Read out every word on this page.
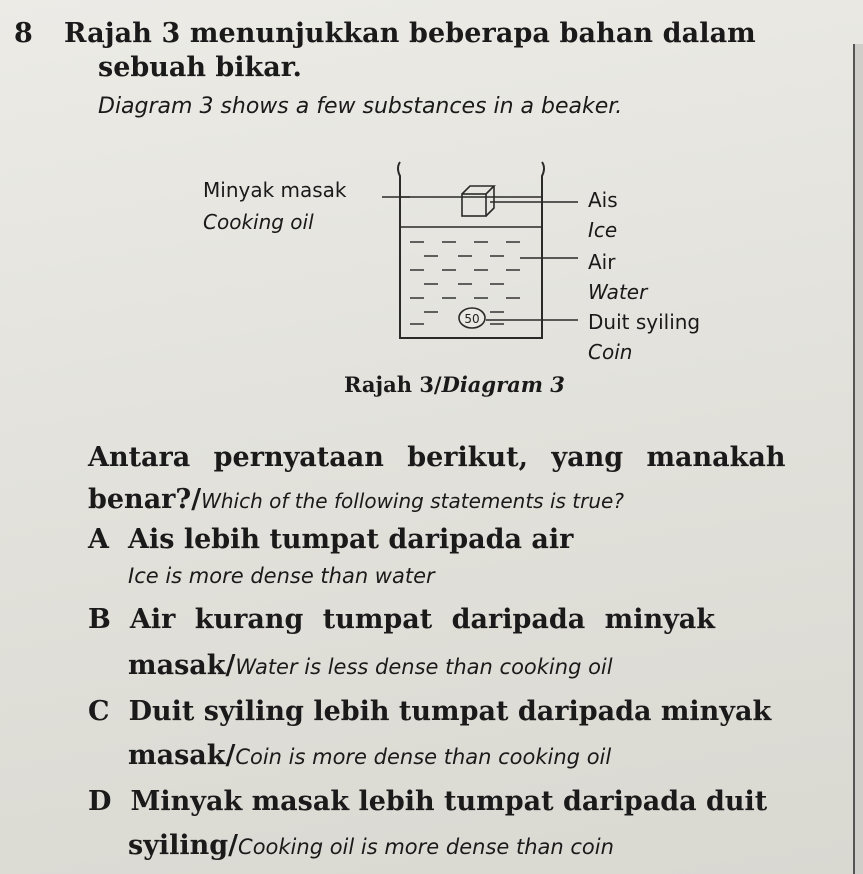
8 Rajah 3 menunjukkan beberapa bahan dalam
sebuah bikar.
Diagram 3 shows a few substances in a beaker.
Minyak masak
Cooking oil
Ais
Ice
Air
Water
Duit syiling
Coin
50
Rajah 3/Diagram 3
Antara pernyataan berikut, yang manakah
benar?/Which of the following statements is true?
A Ais lebih tumpat daripada air
Ice is more dense than water
B Air kurang tumpat daripada minyak
masak/Water is less dense than cooking oil
C Duit syiling lebih tumpat daripada minyak
masak/Coin is more dense than cooking oil
D Minyak masak lebih tumpat daripada duit
syiling/Cooking oil is more dense than coin
